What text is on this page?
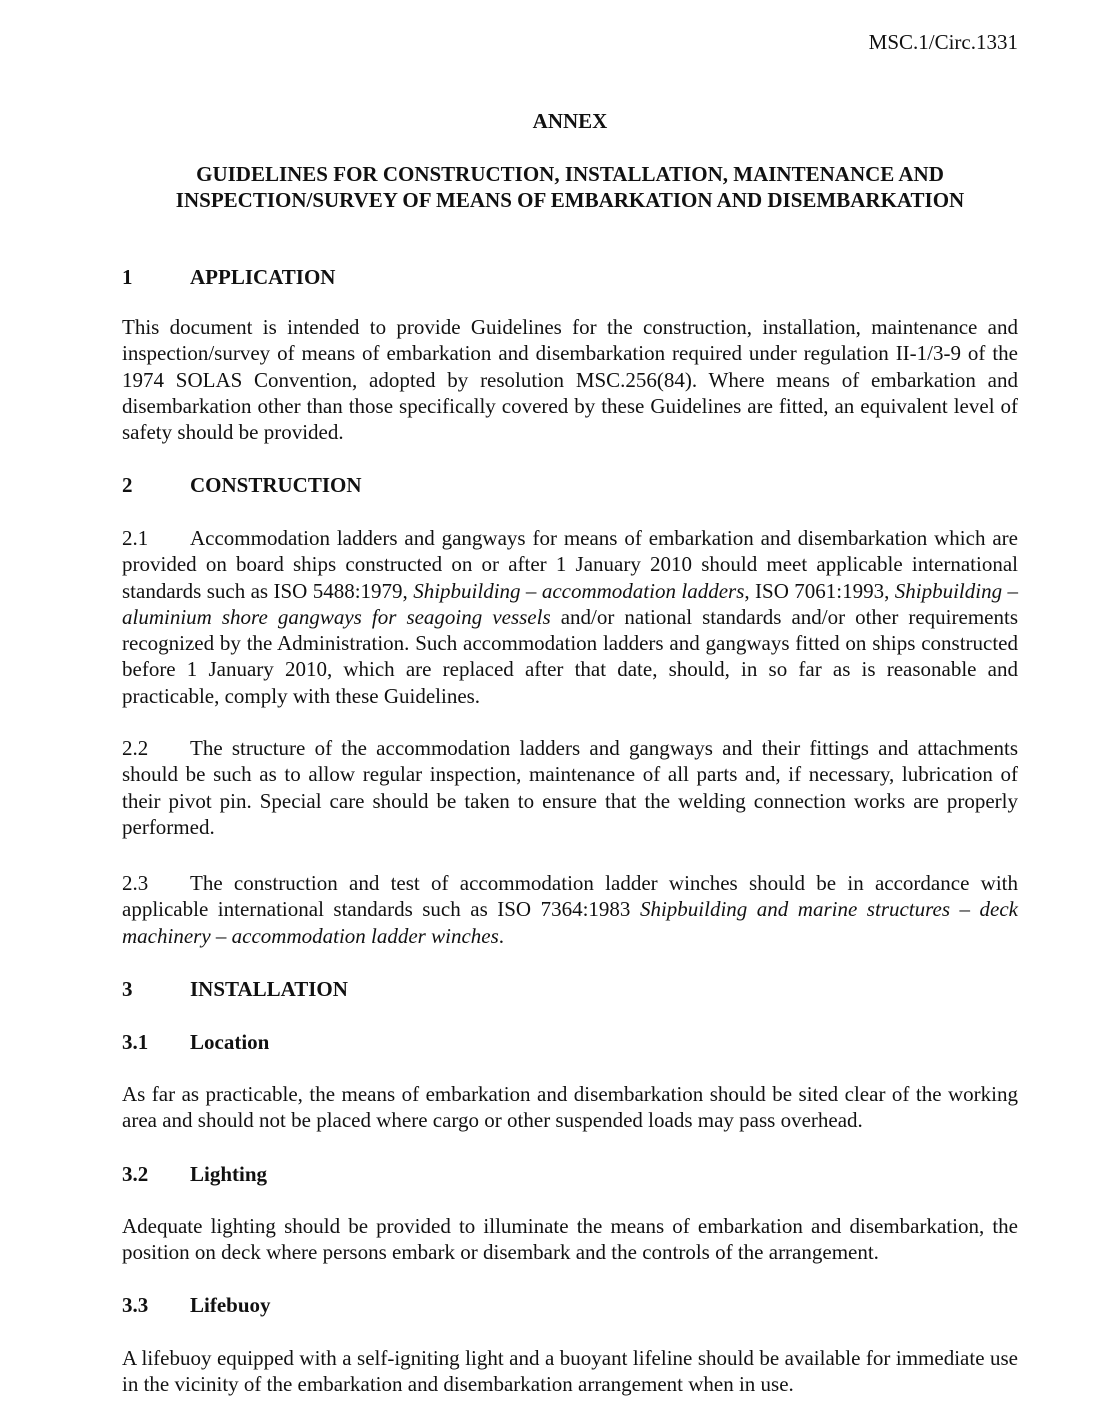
MSC.1/Circ.1331
ANNEX
GUIDELINES FOR CONSTRUCTION, INSTALLATION, MAINTENANCE AND
INSPECTION/SURVEY OF MEANS OF EMBARKATION AND DISEMBARKATION
1	APPLICATION

This document is intended to provide Guidelines for the construction, installation, maintenance and inspection/survey of means of embarkation and disembarkation required under regulation II-1/3-9 of the 1974 SOLAS Convention, adopted by resolution MSC.256(84). Where means of embarkation and disembarkation other than those specifically covered by these Guidelines are fitted, an equivalent level of safety should be provided.

2	CONSTRUCTION

2.1 Accommodation ladders and gangways for means of embarkation and disembarkation which are provided on board ships constructed on or after 1 January 2010 should meet applicable international standards such as ISO 5488:1979, Shipbuilding – accommodation ladders, ISO 7061:1993, Shipbuilding – aluminium shore gangways for seagoing vessels and/or national standards and/or other requirements recognized by the Administration. Such accommodation ladders and gangways fitted on ships constructed before 1 January 2010, which are replaced after that date, should, in so far as is reasonable and practicable, comply with these Guidelines.

2.2 The structure of the accommodation ladders and gangways and their fittings and attachments should be such as to allow regular inspection, maintenance of all parts and, if necessary, lubrication of their pivot pin. Special care should be taken to ensure that the welding connection works are properly performed.

2.3 The construction and test of accommodation ladder winches should be in accordance with applicable international standards such as ISO 7364:1983 Shipbuilding and marine structures – deck machinery – accommodation ladder winches.

3	INSTALLATION
3.1 Location

As far as practicable, the means of embarkation and disembarkation should be sited clear of the working area and should not be placed where cargo or other suspended loads may pass overhead.

3.2 Lighting

Adequate lighting should be provided to illuminate the means of embarkation and disembarkation, the position on deck where persons embark or disembark and the controls of the arrangement.

3.3 Lifebuoy

A lifebuoy equipped with a self-igniting light and a buoyant lifeline should be available for immediate use in the vicinity of the embarkation and disembarkation arrangement when in use.
